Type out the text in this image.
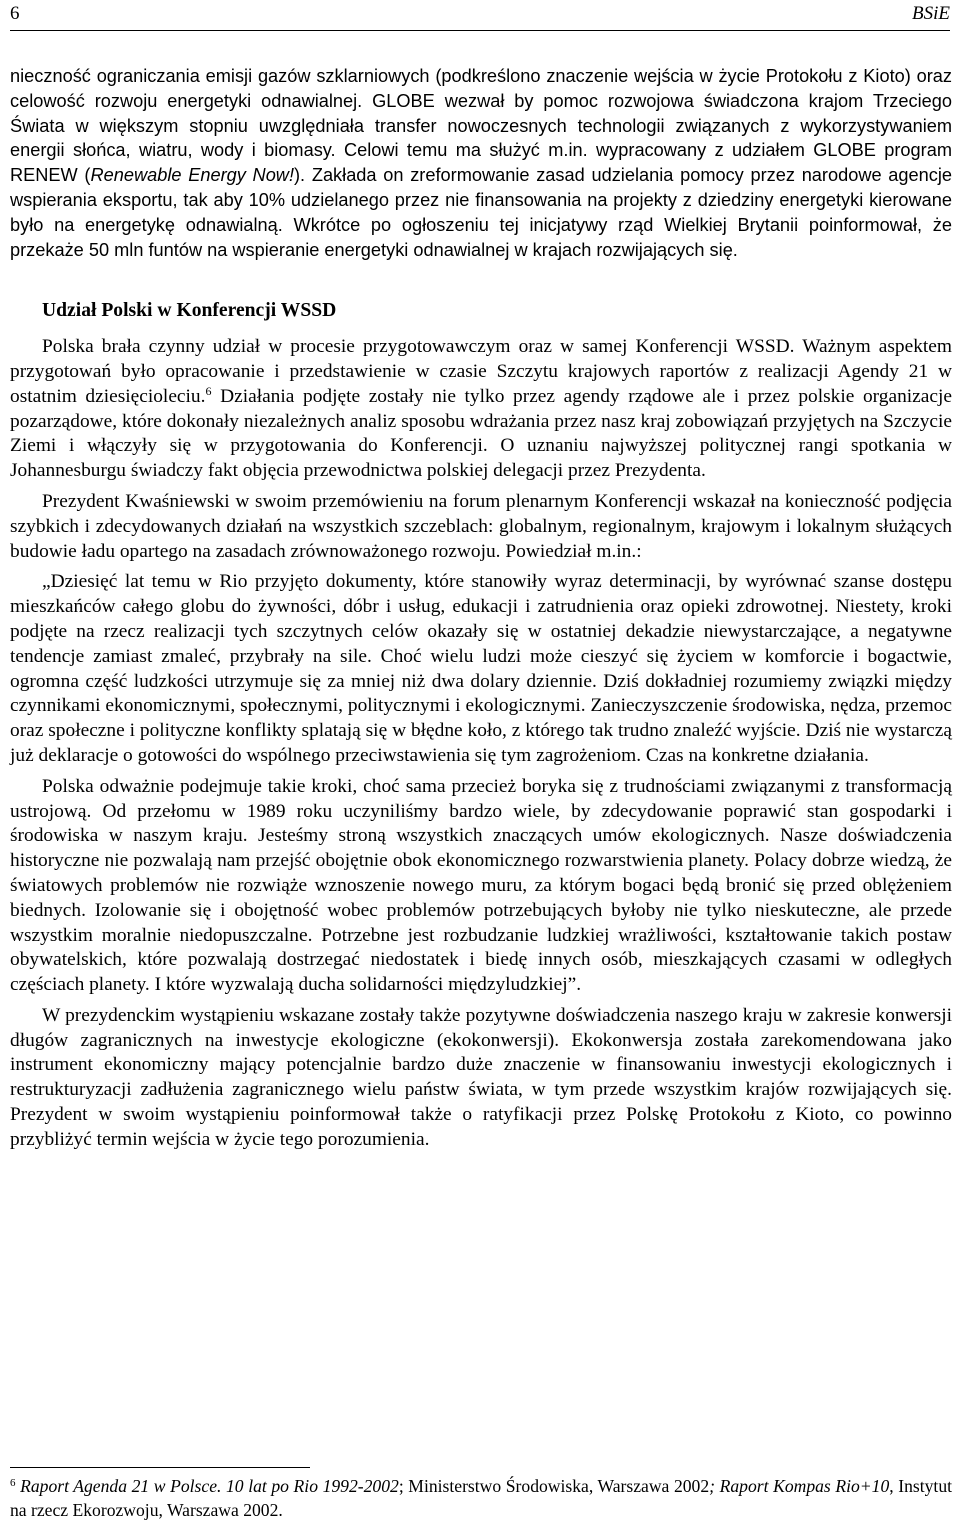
6	BSiE

nieczność ograniczania emisji gazów szklarniowych (podkreślono znaczenie wejścia w życie Protokołu z Kioto) oraz celowość rozwoju energetyki odnawialnej. GLOBE wezwał by pomoc rozwojowa świadczona krajom Trzeciego Świata w większym stopniu uwzględniała transfer nowoczesnych technologii związanych z wykorzystywaniem energii słońca, wiatru, wody i biomasy. Celowi temu ma służyć m.in. wypracowany z udziałem GLOBE program RENEW (Renewable Energy Now!). Zakłada on zreformowanie zasad udzielania pomocy przez narodowe agencje wspierania eksportu, tak aby 10% udzielanego przez nie finansowania na projekty z dziedziny energetyki kierowane było na energetykę odnawialną. Wkrótce po ogłoszeniu tej inicjatywy rząd Wielkiej Brytanii poinformował, że przekaże 50 mln funtów na wspieranie energetyki odnawialnej w krajach rozwijających się.

Udział Polski w Konferencji WSSD

Polska brała czynny udział w procesie przygotowawczym oraz w samej Konferencji WSSD. Ważnym aspektem przygotowań było opracowanie i przedstawienie w czasie Szczytu krajowych raportów z realizacji Agendy 21 w ostatnim dziesięcioleciu.$^6$ Działania podjęte zostały nie tylko przez agendy rządowe ale i przez polskie organizacje pozarządowe, które dokonały niezależnych analiz sposobu wdrażania przez nasz kraj zobowiązań przyjętych na Szczycie Ziemi i włączyły się w przygotowania do Konferencji. O uznaniu najwyższej politycznej rangi spotkania w Johannesburgu świadczy fakt objęcia przewodnictwa polskiej delegacji przez Prezydenta.

Prezydent Kwaśniewski w swoim przemówieniu na forum plenarnym Konferencji wskazał na konieczność podjęcia szybkich i zdecydowanych działań na wszystkich szczeblach: globalnym, regionalnym, krajowym i lokalnym służących budowie ładu opartego na zasadach zrównoważonego rozwoju. Powiedział m.in.:

„Dziesięć lat temu w Rio przyjęto dokumenty, które stanowiły wyraz determinacji, by wyrównać szanse dostępu mieszkańców całego globu do żywności, dóbr i usług, edukacji i zatrudnienia oraz opieki zdrowotnej. Niestety, kroki podjęte na rzecz realizacji tych szczytnych celów okazały się w ostatniej dekadzie niewystarczające, a negatywne tendencje zamiast zmaleć, przybrały na sile. Choć wielu ludzi może cieszyć się życiem w komforcie i bogactwie, ogromna część ludzkości utrzymuje się za mniej niż dwa dolary dziennie. Dziś dokładniej rozumiemy związki między czynnikami ekonomicznymi, społecznymi, politycznymi i ekologicznymi. Zanieczyszczenie środowiska, nędza, przemoc oraz społeczne i polityczne konflikty splatają się w błędne koło, z którego tak trudno znaleźć wyjście. Dziś nie wystarczą już deklaracje o gotowości do wspólnego przeciwstawienia się tym zagrożeniom. Czas na konkretne działania.

Polska odważnie podejmuje takie kroki, choć sama przecież boryka się z trudnościami związanymi z transformacją ustrojową. Od przełomu w 1989 roku uczyniliśmy bardzo wiele, by zdecydowanie poprawić stan gospodarki i środowiska w naszym kraju. Jesteśmy stroną wszystkich znaczących umów ekologicznych. Nasze doświadczenia historyczne nie pozwalają nam przejść obojętnie obok ekonomicznego rozwarstwienia planety. Polacy dobrze wiedzą, że światowych problemów nie rozwiąże wznoszenie nowego muru, za którym bogaci będą bronić się przed oblężeniem biednych. Izolowanie się i obojętność wobec problemów potrzebujących byłoby nie tylko nieskuteczne, ale przede wszystkim moralnie niedopuszczalne. Potrzebne jest rozbudzanie ludzkiej wrażliwości, kształtowanie takich postaw obywatelskich, które pozwalają dostrzegać niedostatek i biedę innych osób, mieszkających czasami w odległych częściach planety. I które wyzwalają ducha solidarności międzyludzkiej”.

W prezydenckim wystąpieniu wskazane zostały także pozytywne doświadczenia naszego kraju w zakresie konwersji długów zagranicznych na inwestycje ekologiczne (ekokonwersji). Ekokonwersja została zarekomendowana jako instrument ekonomiczny mający potencjalnie bardzo duże znaczenie w finansowaniu inwestycji ekologicznych i restrukturyzacji zadłużenia zagranicznego wielu państw świata, w tym przede wszystkim krajów rozwijających się. Prezydent w swoim wystąpieniu poinformował także o ratyfikacji przez Polskę Protokołu z Kioto, co powinno przybliżyć termin wejścia w życie tego porozumienia.

$^6$ Raport Agenda 21 w Polsce. 10 lat po Rio 1992-2002; Ministerstwo Środowiska, Warszawa 2002; Raport Kompas Rio+10, Instytut na rzecz Ekorozwoju, Warszawa 2002.
